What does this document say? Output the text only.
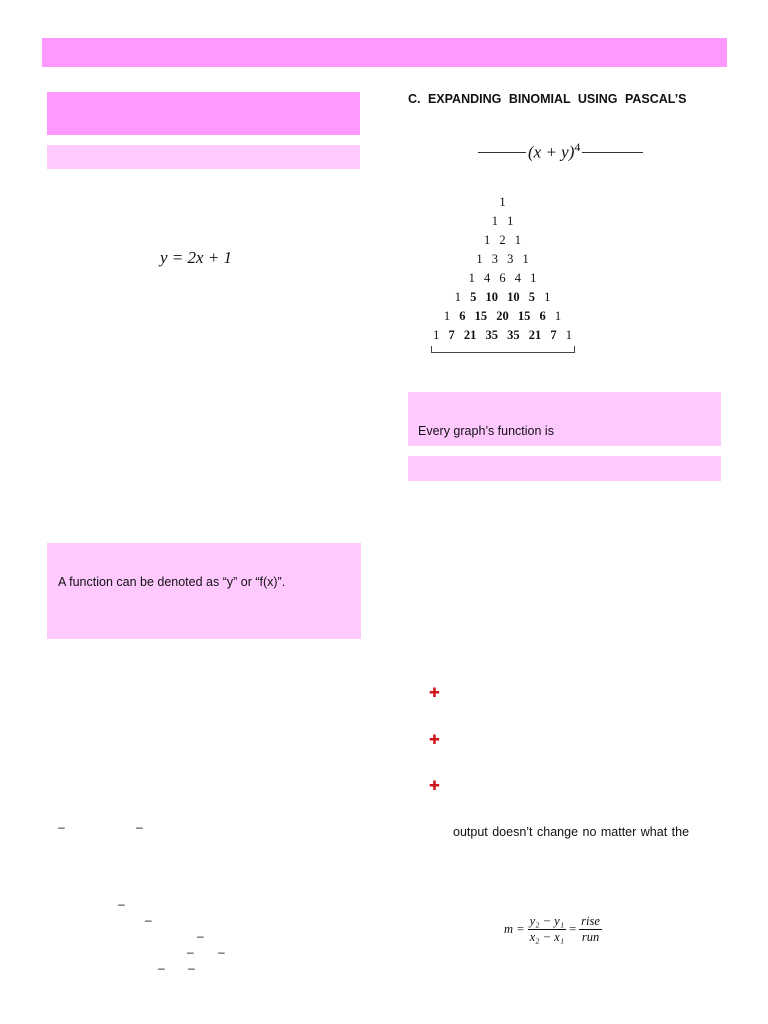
y = 2x + 1
A function can be denoted as “y” or “f(x)”.
–	–
–
–
–
– –
– –
C. EXPANDING BINOMIAL USING PASCAL’S
$(x + y)^4$
1
1 1
1 2 1
1 3 3 1
1 4 6 4 1
1 5 10 10 5 1
1 6 15 20 15 6 1
1 7 21 35 35 21 7 1
Every graph’s function is
✚
✚
✚
output doesn’t change no matter what the
$m = \frac{\text{y₂ − y₁}}{\text{x₂ − x₁}}$ =
rise
run
